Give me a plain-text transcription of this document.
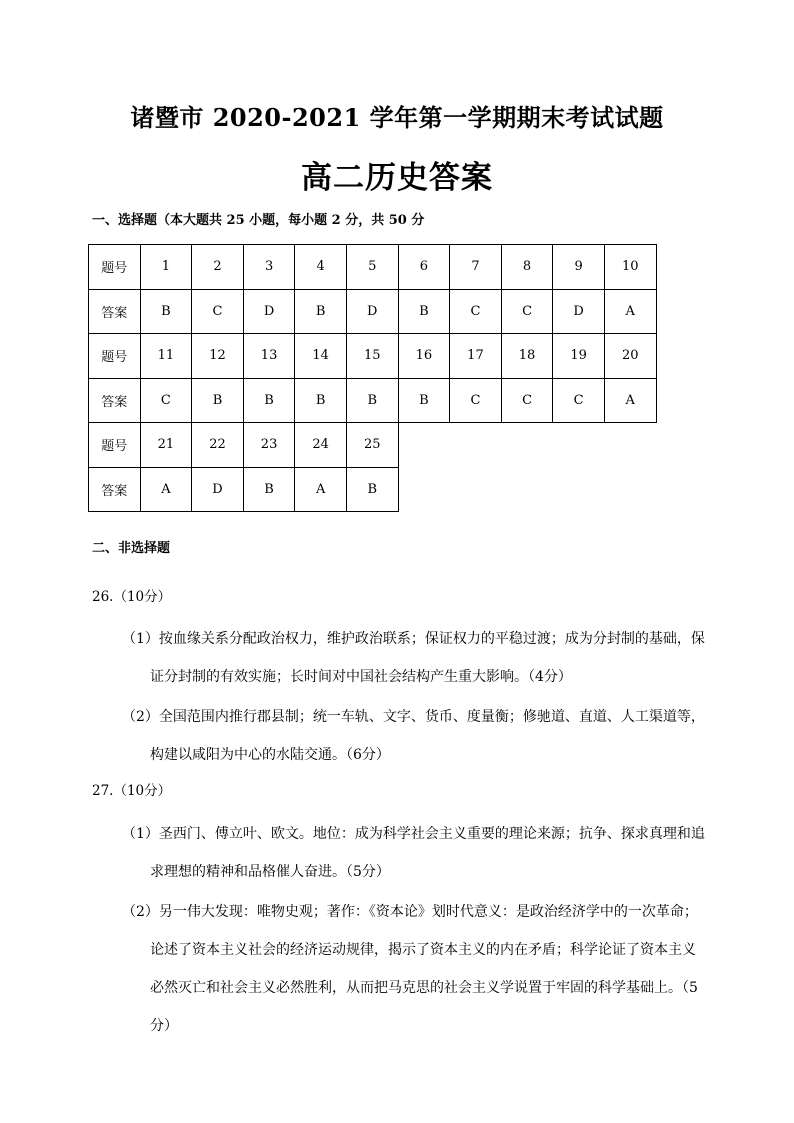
诸暨市 2020-2021 学年第一学期期末考试试题
高二历史答案
一、选择题（本大题共 25 小题，每小题 2 分，共 50 分
题号	1	2	3	4	5	6	7	8	9	10
答案	B	C	D	B	D	B	C	C	D	A
题号	11	12	13	14	15	16	17	18	19	20
答案	C	B	B	B	B	B	C	C	C	A
题号	21	22	23	24	25					
答案	A	D	B	A	B					
二、非选择题
26.（10分）
（1）按血缘关系分配政治权力，维护政治联系；保证权力的平稳过渡；成为分封制的基础，保
证分封制的有效实施；长时间对中国社会结构产生重大影响。（4分）
（2）全国范围内推行郡县制；统一车轨、文字、货币、度量衡；修驰道、直道、人工渠道等，
构建以咸阳为中心的水陆交通。（6分）
27.（10分）
（1）圣西门、傅立叶、欧文。地位：成为科学社会主义重要的理论来源；抗争、探求真理和追
求理想的精神和品格催人奋进。（5分）
（2）另一伟大发现：唯物史观；著作：《资本论》划时代意义：是政治经济学中的一次革命；
论述了资本主义社会的经济运动规律，揭示了资本主义的内在矛盾；科学论证了资本主义
必然灭亡和社会主义必然胜利，从而把马克思的社会主义学说置于牢固的科学基础上。（5
分）
